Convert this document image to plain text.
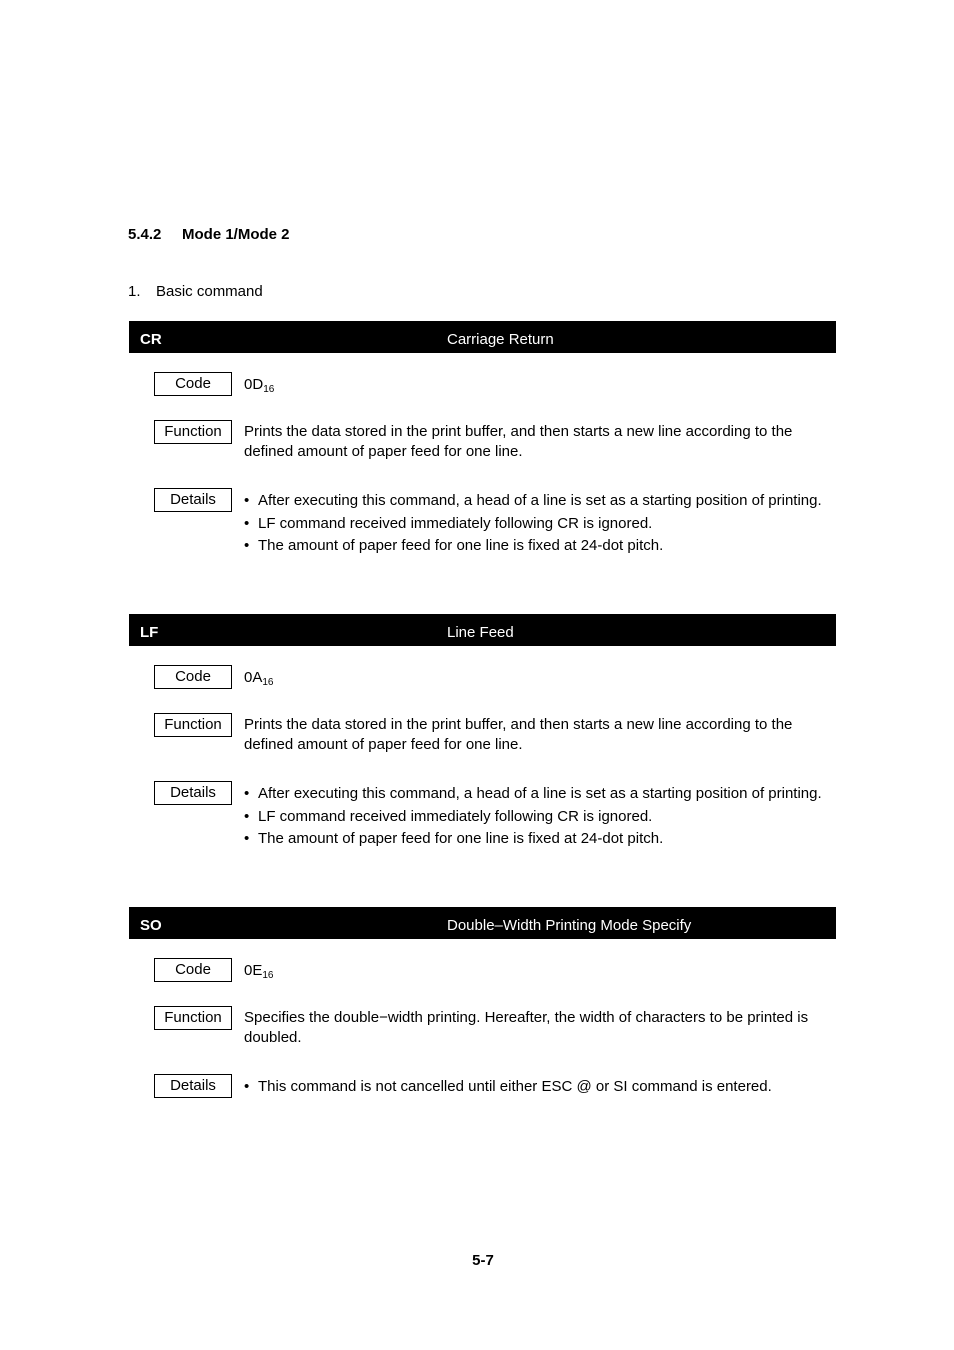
5.4.2 Mode 1/Mode 2
1. Basic command
CR	Carriage Return
Code	$0D_{16}$
Function	Prints the data stored in the print buffer, and then starts a new line according to the defined amount of paper feed for one line.
Details	• After executing this command, a head of a line is set as a starting position of printing.
• LF command received immediately following CR is ignored.
• The amount of paper feed for one line is fixed at 24-dot pitch.
LF	Line Feed
Code	$0A_{16}$
Function	Prints the data stored in the print buffer, and then starts a new line according to the defined amount of paper feed for one line.
Details	• After executing this command, a head of a line is set as a starting position of printing.
• LF command received immediately following CR is ignored.
• The amount of paper feed for one line is fixed at 24-dot pitch.
SO	Double–Width Printing Mode Specify
Code	$0E_{16}$
Function	Specifies the double−width printing. Hereafter, the width of characters to be printed is doubled.
Details	• This command is not cancelled until either ESC @ or SI command is entered.
5-7
